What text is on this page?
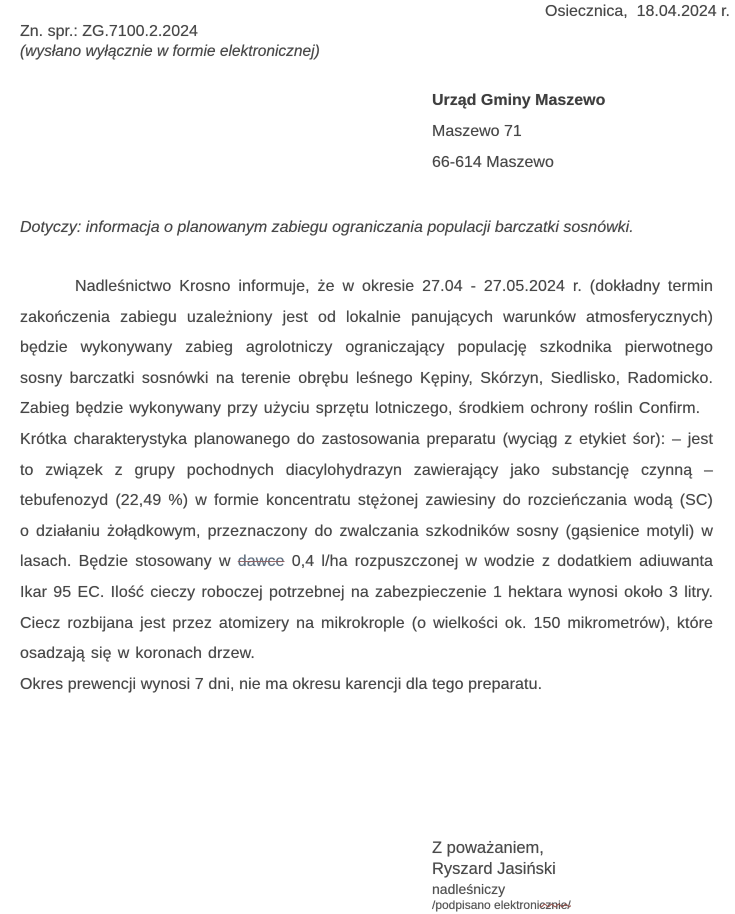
Osiecznica,  18.04.2024 r.
Zn. spr.: ZG.7100.2.2024
(wysłano wyłącznie w formie elektronicznej)
Urząd Gminy Maszewo
Maszewo 71
66-614 Maszewo
Dotyczy: informacja o planowanym zabiegu ograniczania populacji barczatki sosnówki.

Nadleśnictwo Krosno informuje, że w okresie 27.04 - 27.05.2024 r. (dokładny termin zakończenia zabiegu uzależniony jest od lokalnie panujących warunków atmosferycznych) będzie wykonywany zabieg agrolotniczy ograniczający populację szkodnika pierwotnego sosny barczatki sosnówki na terenie obrębu leśnego Kępiny, Skórzyn, Siedlisko, Radomicko. Zabieg będzie wykonywany przy użyciu sprzętu lotniczego, środkiem ochrony roślin Confirm.

Krótka charakterystyka planowanego do zastosowania preparatu (wyciąg z etykiet śor): – jest to związek z grupy pochodnych diacylohydrazyn zawierający jako substancję czynną – tebufenozyd (22,49 %) w formie koncentratu stężonej zawiesiny do rozcieńczania wodą (SC) o działaniu żołądkowym, przeznaczony do zwalczania szkodników sosny (gąsienice motyli) w lasach. Będzie stosowany w dawce 0,4 l/ha rozpuszczonej w wodzie z dodatkiem adiuwanta Ikar 95 EC. Ilość cieczy roboczej potrzebnej na zabezpieczenie 1 hektara wynosi około 3 litry. Ciecz rozbijana jest przez atomizery na mikrokrople (o wielkości ok. 150 mikrometrów), które osadzają się w koronach drzew.

Okres prewencji wynosi 7 dni, nie ma okresu karencji dla tego preparatu.

Z poważaniem,
Ryszard Jasiński
nadleśniczy
/podpisano elektronicznie/
